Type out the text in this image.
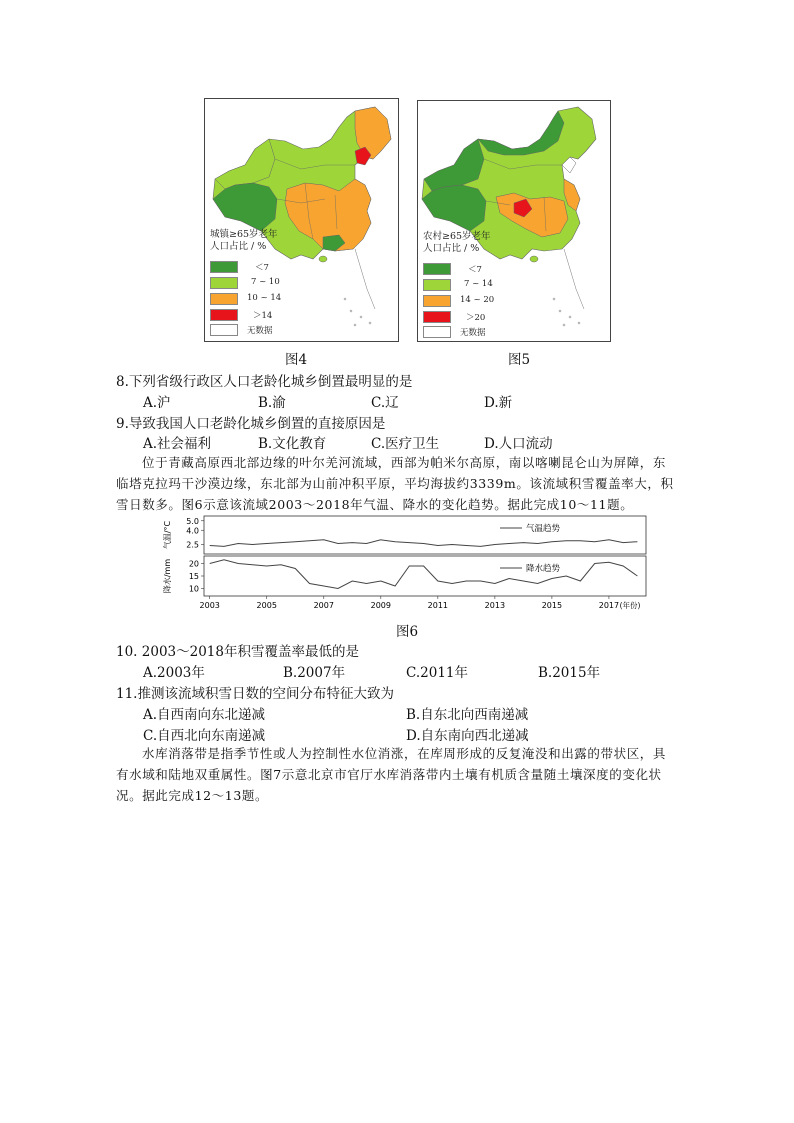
城镇≥65岁老年
人口占比 / %
＜7
7 ~ 10
10 ~ 14
＞14
无数据
图4
农村≥65岁老年
人口占比 / %
＜7
7 ~ 14
14 ~ 20
＞20
无数据
图5
8.下列省级行政区人口老龄化城乡倒置最明显的是
A.沪	B.渝	C.辽	D.新
9.导致我国人口老龄化城乡倒置的直接原因是
A.社会福利	B.文化教育	C.医疗卫生	D.人口流动
位于青藏高原西北部边缘的叶尔羌河流域，西部为帕米尔高原，南以喀喇昆仑山为屏障，东
临塔克拉玛干沙漠边缘，东北部为山前冲积平原，平均海拔约3339m。该流域积雪覆盖率大，积
雪日数多。图6示意该流域2003～2018年气温、降水的变化趋势。据此完成10～11题。
2.5
4.0
5.0
气温/°C	气温趋势
10
15
20
降水/mm	降水趋势
2003	2005	2007	2009	2011	2013	2015	2017 (年份)
图6
10. 2003～2018年积雪覆盖率最低的是
A.2003年	B.2007年	C.2011年	B.2015年
11.推测该流域积雪日数的空间分布特征大致为
A.自西南向东北递减	B.自东北向西南递减
C.自西北向东南递减	D.自东南向西北递减
水库消落带是指季节性或人为控制性水位消涨，在库周形成的反复淹没和出露的带状区，具
有水域和陆地双重属性。图7示意北京市官厅水库消落带内土壤有机质含量随土壤深度的变化状
况。据此完成12～13题。
